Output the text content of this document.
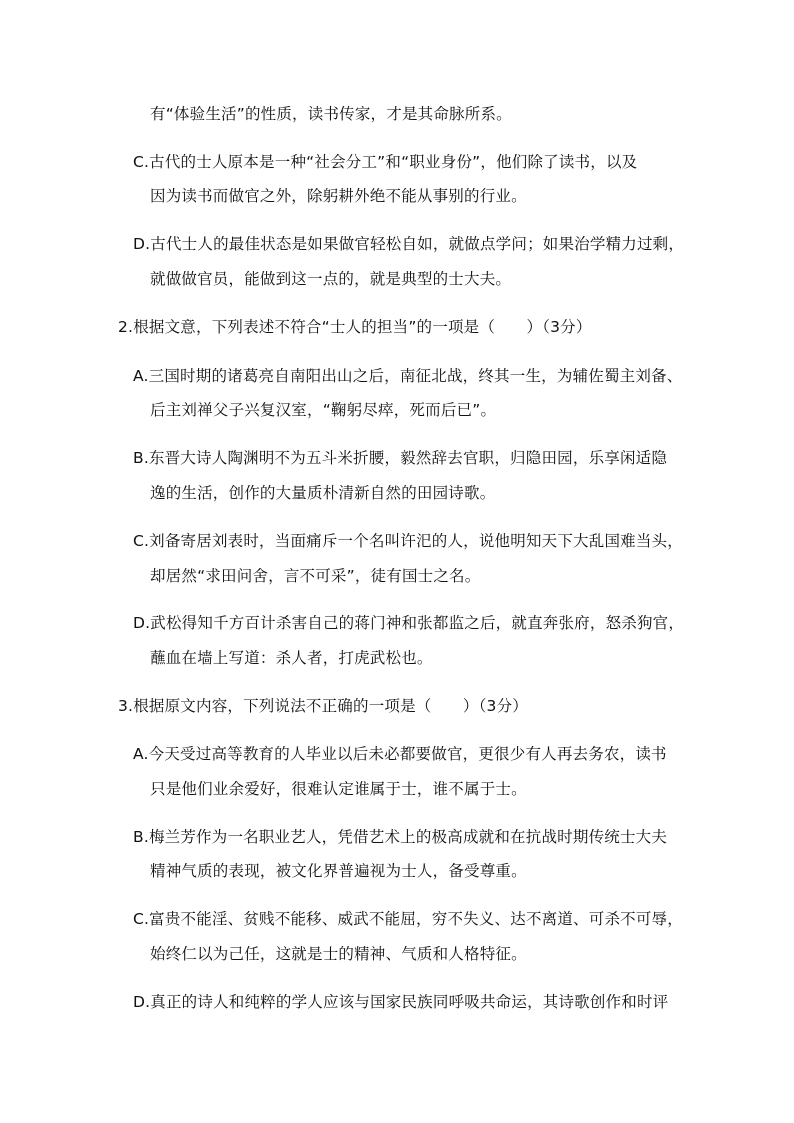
有“体验生活”的性质，读书传家，才是其命脉所系。
C.古代的士人原本是一种“社会分工”和“职业身份”，他们除了读书，以及
因为读书而做官之外，除躬耕外绝不能从事别的行业。
D.古代士人的最佳状态是如果做官轻松自如，就做点学问；如果治学精力过剩，
就做做官员，能做到这一点的，就是典型的士大夫。
2.根据文意，下列表述不符合“士人的担当”的一项是（　　）（3分）
A.三国时期的诸葛亮自南阳出山之后，南征北战，终其一生，为辅佐蜀主刘备、
后主刘禅父子兴复汉室，“鞠躬尽瘁，死而后已”。
B.东晋大诗人陶渊明不为五斗米折腰，毅然辞去官职，归隐田园，乐享闲适隐
逸的生活，创作的大量质朴清新自然的田园诗歌。
C.刘备寄居刘表时，当面痛斥一个名叫许汜的人，说他明知天下大乱国难当头，
却居然“求田问舍，言不可采”，徒有国士之名。
D.武松得知千方百计杀害自己的蒋门神和张都监之后，就直奔张府，怒杀狗官，
蘸血在墙上写道：杀人者，打虎武松也。
3.根据原文内容，下列说法不正确的一项是（　　）（3分）
A.今天受过高等教育的人毕业以后未必都要做官，更很少有人再去务农，读书
只是他们业余爱好，很难认定谁属于士，谁不属于士。
B.梅兰芳作为一名职业艺人，凭借艺术上的极高成就和在抗战时期传统士大夫
精神气质的表现，被文化界普遍视为士人，备受尊重。
C.富贵不能淫、贫贱不能移、威武不能屈，穷不失义、达不离道、可杀不可辱，
始终仁以为己任，这就是士的精神、气质和人格特征。
D.真正的诗人和纯粹的学人应该与国家民族同呼吸共命运，其诗歌创作和时评
